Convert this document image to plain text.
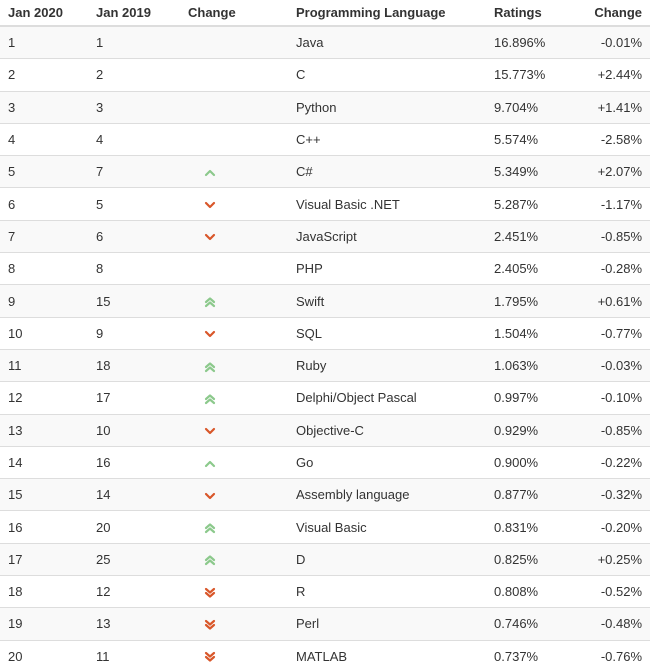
Jan 2020	Jan 2019	Change		Programming Language	Ratings	Change
1	1			Java	16.896%	-0.01%
2	2			C	15.773%	+2.44%
3	3			Python	9.704%	+1.41%
4	4			C++	5.574%	-2.58%
5	7			C#	5.349%	+2.07%
6	5			Visual Basic .NET	5.287%	-1.17%
7	6			JavaScript	2.451%	-0.85%
8	8			PHP	2.405%	-0.28%
9	15			Swift	1.795%	+0.61%
10	9			SQL	1.504%	-0.77%
11	18			Ruby	1.063%	-0.03%
12	17			Delphi/Object Pascal	0.997%	-0.10%
13	10			Objective-C	0.929%	-0.85%
14	16			Go	0.900%	-0.22%
15	14			Assembly language	0.877%	-0.32%
16	20			Visual Basic	0.831%	-0.20%
17	25			D	0.825%	+0.25%
18	12			R	0.808%	-0.52%
19	13			Perl	0.746%	-0.48%
20	11			MATLAB	0.737%	-0.76%
